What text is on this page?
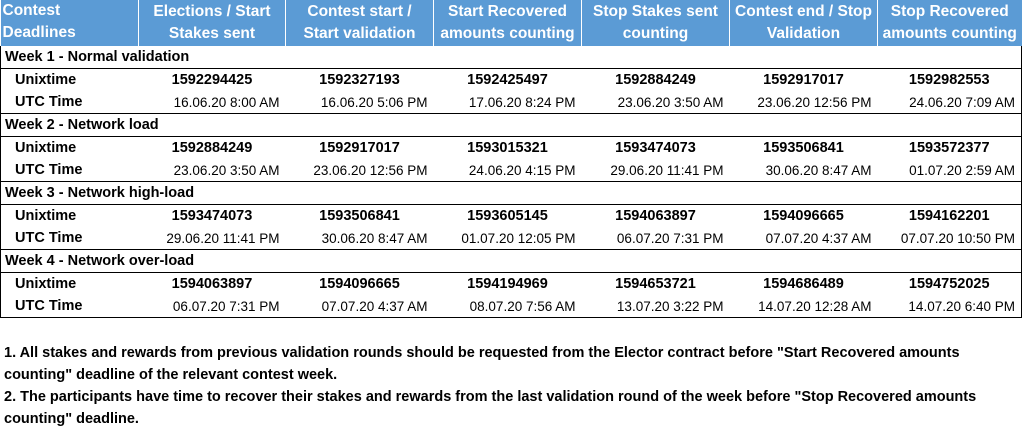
Contest Deadlines	Elections / Start Stakes sent	Contest start / Start validation	Start Recovered amounts counting	Stop Stakes sent counting	Contest end / Stop Validation	Stop Recovered amounts counting
Week 1 - Normal validation						
Unixtime	1592294425	1592327193	1592425497	1592884249	1592917017	1592982553
UTC Time	16.06.20 8:00 AM	16.06.20 5:06 PM	17.06.20 8:24 PM	23.06.20 3:50 AM	23.06.20 12:56 PM	24.06.20 7:09 AM
Week 2 - Network load						
Unixtime	1592884249	1592917017	1593015321	1593474073	1593506841	1593572377
UTC Time	23.06.20 3:50 AM	23.06.20 12:56 PM	24.06.20 4:15 PM	29.06.20 11:41 PM	30.06.20 8:47 AM	01.07.20 2:59 AM
Week 3 - Network high-load						
Unixtime	1593474073	1593506841	1593605145	1594063897	1594096665	1594162201
UTC Time	29.06.20 11:41 PM	30.06.20 8:47 AM	01.07.20 12:05 PM	06.07.20 7:31 PM	07.07.20 4:37 AM	07.07.20 10:50 PM
Week 4 - Network over-load						
Unixtime	1594063897	1594096665	1594194969	1594653721	1594686489	1594752025
UTC Time	06.07.20 7:31 PM	07.07.20 4:37 AM	08.07.20 7:56 AM	13.07.20 3:22 PM	14.07.20 12:28 AM	14.07.20 6:40 PM

1. All stakes and rewards from previous validation rounds should be requested from the Elector contract before "Start Recovered amounts counting" deadline of the relevant contest week.

2. The participants have time to recover their stakes and rewards from the last validation round of the week before "Stop Recovered amounts counting" deadline.
